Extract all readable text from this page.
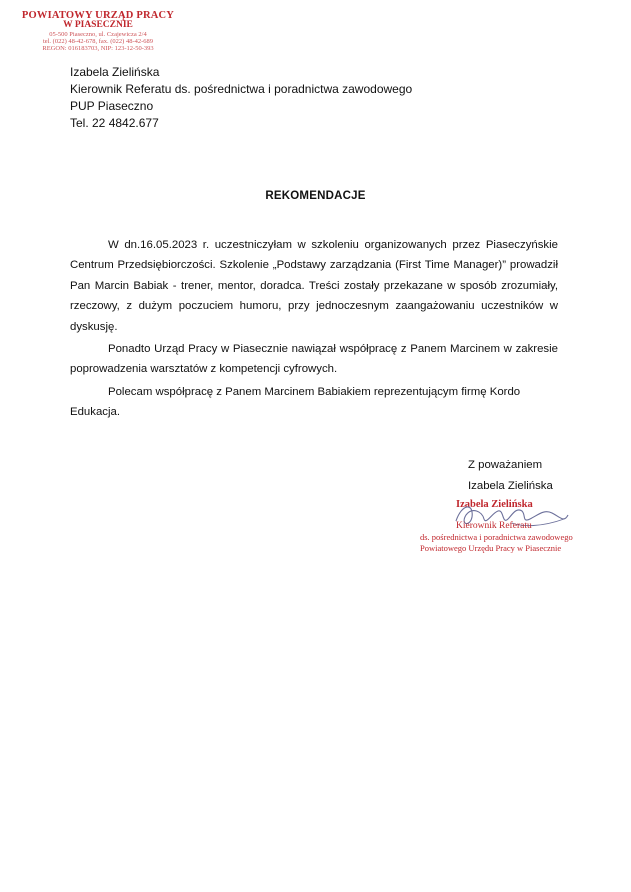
POWIATOWY URZĄD PRACY
W PIASECZNIE
05-500 Piaseczno, ul. Czajewicza 2/4
tel. (022) 48-42-678, fax. (022) 48-42-689
REGON: 016183703, NIP: 123-12-50-393
Izabela Zielińska
Kierownik Referatu ds. pośrednictwa i poradnictwa zawodowego
PUP Piaseczno
Tel. 22 4842.677
REKOMENDACJE

W dn.16.05.2023 r. uczestniczyłam w szkoleniu organizowanych przez Piaseczyńskie Centrum Przedsiębiorczości. Szkolenie „Podstawy zarządzania (First Time Manager)” prowadził Pan Marcin Babiak - trener, mentor, doradca. Treści zostały przekazane w sposób zrozumiały, rzeczowy, z dużym poczuciem humoru, przy jednoczesnym zaangażowaniu uczestników w dyskusję.

Ponadto Urząd Pracy w Piasecznie nawiązał współpracę z Panem Marcinem w zakresie poprowadzenia warsztatów z kompetencji cyfrowych.

Polecam współpracę z Panem Marcinem Babiakiem reprezentującym firmę Kordo Edukacja.

Z poważaniem
Izabela Zielińska
Izabela Zielińska
Kierownik Referatu
ds. pośrednictwa i poradnictwa zawodowego
Powiatowego Urzędu Pracy w Piasecznie
